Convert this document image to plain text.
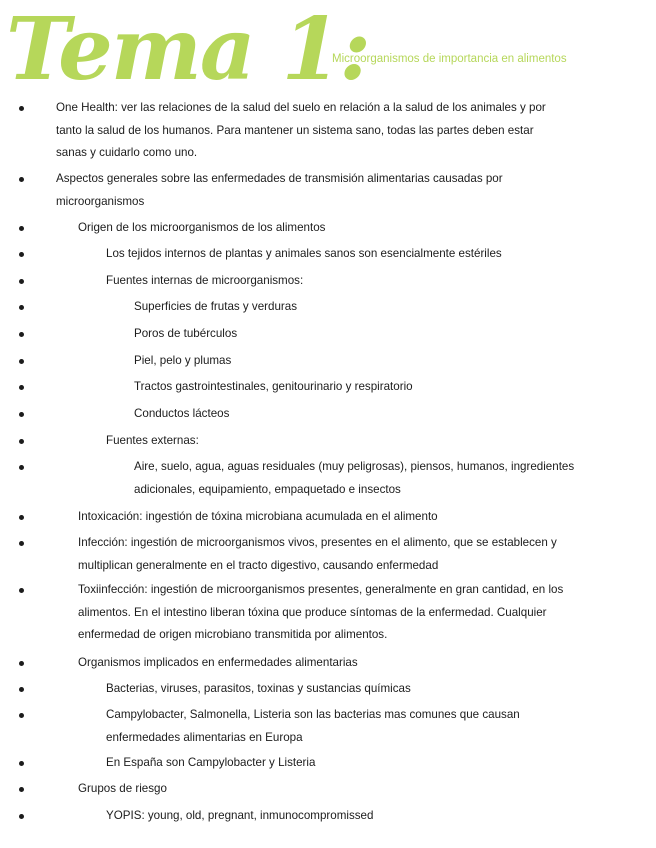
Tema 1:
Microorganismos de importancia en alimentos
One Health: ver las relaciones de la salud del suelo en relación a la salud de los animales y por
tanto la salud de los humanos. Para mantener un sistema sano, todas las partes deben estar
sanas y cuidarlo como uno.
Aspectos generales sobre las enfermedades de transmisión alimentarias causadas por
microorganismos
Origen de los microorganismos de los alimentos
Los tejidos internos de plantas y animales sanos son esencialmente estériles
Fuentes internas de microorganismos:
Superficies de frutas y verduras
Poros de tubérculos
Piel, pelo y plumas
Tractos gastrointestinales, genitourinario y respiratorio
Conductos lácteos
Fuentes externas:
Aire, suelo, agua, aguas residuales (muy peligrosas), piensos, humanos, ingredientes
adicionales, equipamiento, empaquetado e insectos
Intoxicación: ingestión de tóxina microbiana acumulada en el alimento
Infección: ingestión de microorganismos vivos, presentes en el alimento, que se establecen y
multiplican generalmente en el tracto digestivo, causando enfermedad
Toxiinfección: ingestión de microorganismos presentes, generalmente en gran cantidad, en los
alimentos. En el intestino liberan tóxina que produce síntomas de la enfermedad. Cualquier
enfermedad de origen microbiano transmitida por alimentos.
Organismos implicados en enfermedades alimentarias
Bacterias, viruses, parasitos, toxinas y sustancias químicas
Campylobacter, Salmonella, Listeria son las bacterias mas comunes que causan
enfermedades alimentarias en Europa
En España son Campylobacter y Listeria
Grupos de riesgo
YOPIS: young, old, pregnant, inmunocompromissed
